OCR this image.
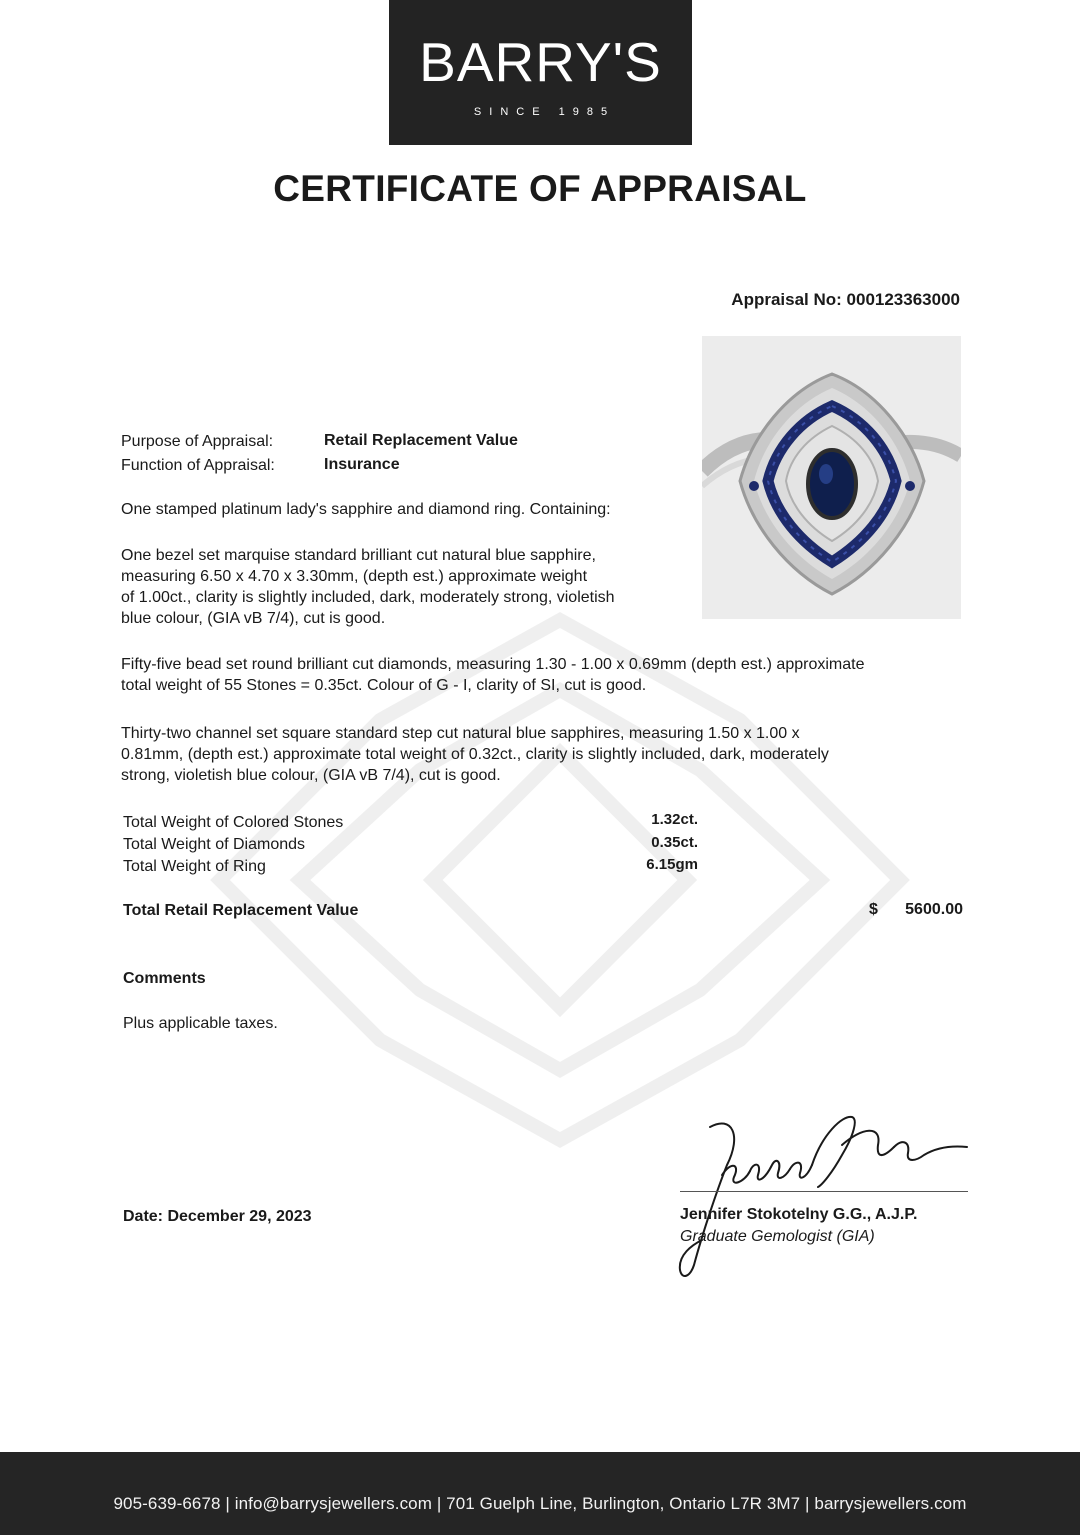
BARRY'S
SINCE 1985
CERTIFICATE OF APPRAISAL
Appraisal No: 000123363000
Purpose of Appraisal:	Retail Replacement Value
Function of Appraisal:	Insurance
One stamped platinum lady's sapphire and diamond ring. Containing:
One bezel set marquise standard brilliant cut natural blue sapphire,
measuring 6.50 x 4.70 x 3.30mm, (depth est.) approximate weight
of 1.00ct., clarity is slightly included, dark, moderately strong, violetish
blue colour, (GIA vB 7/4), cut is good.
Fifty-five bead set round brilliant cut diamonds, measuring 1.30 - 1.00 x 0.69mm (depth est.) approximate
total weight of 55 Stones = 0.35ct. Colour of G - I, clarity of SI, cut is good.
Thirty-two channel set square standard step cut natural blue sapphires, measuring 1.50 x 1.00 x
0.81mm, (depth est.) approximate total weight of 0.32ct., clarity is slightly included, dark, moderately
strong, violetish blue colour, (GIA vB 7/4), cut is good.
Total Weight of Colored Stones	1.32ct.
Total Weight of Diamonds	0.35ct.
Total Weight of Ring	6.15gm
Total Retail Replacement Value	$	5600.00
Comments
Plus applicable taxes.
Date: December 29, 2023	Jennifer Stokotelny G.G., A.J.P.
Graduate Gemologist (GIA)
905-639-6678 | info@barrysjewellers.com | 701 Guelph Line, Burlington, Ontario L7R 3M7 | barrysjewellers.com
